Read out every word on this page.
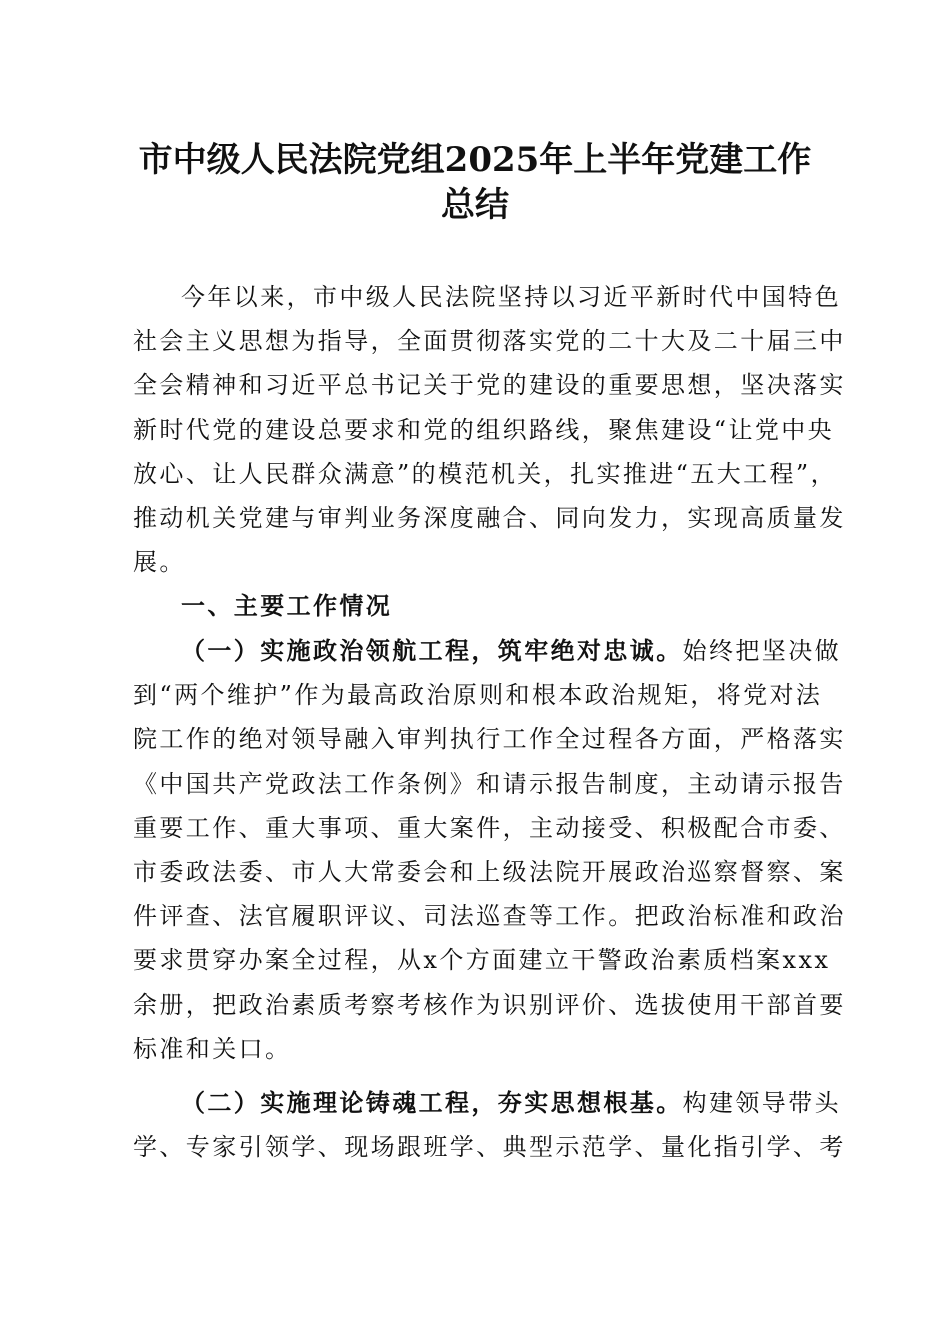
市中级人民法院党组2025年上半年党建工作
总结
今年以来，市中级人民法院坚持以习近平新时代中国特色
社会主义思想为指导，全面贯彻落实党的二十大及二十届三中
全会精神和习近平总书记关于党的建设的重要思想，坚决落实
新时代党的建设总要求和党的组织路线，聚焦建设“让党中央
放心、让人民群众满意”的模范机关，扎实推进“五大工程”，
推动机关党建与审判业务深度融合、同向发力，实现高质量发
展。
一、主要工作情况
（一）实施政治领航工程，筑牢绝对忠诚。始终把坚决做
到“两个维护”作为最高政治原则和根本政治规矩，将党对法
院工作的绝对领导融入审判执行工作全过程各方面，严格落实
《中国共产党政法工作条例》和请示报告制度，主动请示报告
重要工作、重大事项、重大案件，主动接受、积极配合市委、
市委政法委、市人大常委会和上级法院开展政治巡察督察、案
件评查、法官履职评议、司法巡查等工作。把政治标准和政治
要求贯穿办案全过程，从x个方面建立干警政治素质档案xxx
余册，把政治素质考察考核作为识别评价、选拔使用干部首要
标准和关口。
（二）实施理论铸魂工程，夯实思想根基。构建领导带头
学、专家引领学、现场跟班学、典型示范学、量化指引学、考
